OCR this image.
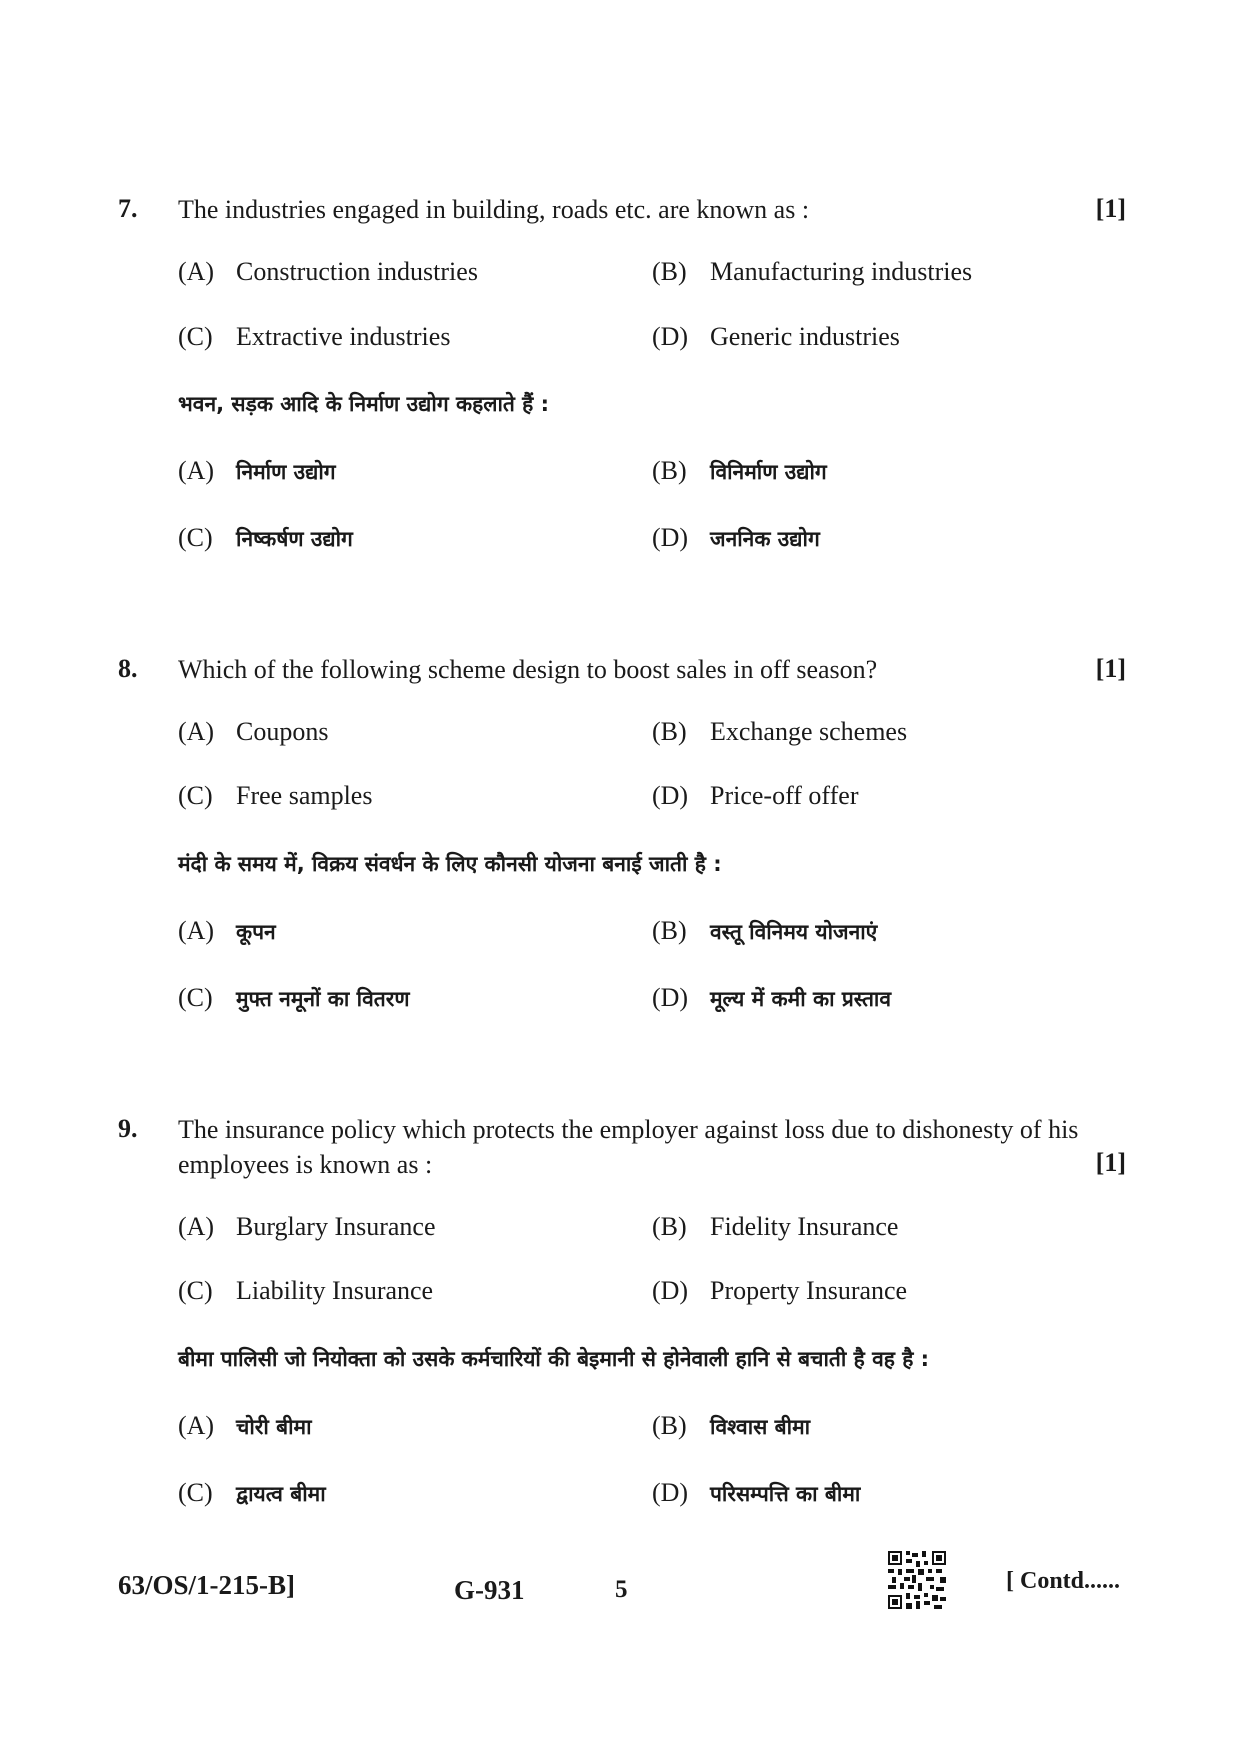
7. The industries engaged in building, roads etc. are known as :	[1]
(A) Construction industries	(B) Manufacturing industries
(C) Extractive industries	(D) Generic industries
भवन, सड़क आदि के निर्माण उद्योग कहलाते हैं :
(A) निर्माण उद्योग	(B) विनिर्माण उद्योग
(C) निष्कर्षण उद्योग	(D) जननिक उद्योग
8. Which of the following scheme design to boost sales in off season?	[1]
(A) Coupons	(B) Exchange schemes
(C) Free samples	(D) Price-off offer
मंदी के समय में, विक्रय संवर्धन के लिए कौनसी योजना बनाई जाती है :
(A) कूपन	(B) वस्तू विनिमय योजनाएं
(C) मुफ्त नमूनों का वितरण	(D) मूल्य में कमी का प्रस्ताव
9. The insurance policy which protects the employer against loss due to dishonesty of his employees is known as :	[1]
(A) Burglary Insurance	(B) Fidelity Insurance
(C) Liability Insurance	(D) Property Insurance
बीमा पालिसी जो नियोक्ता को उसके कर्मचारियों की बेइमानी से होनेवाली हानि से बचाती है वह है :
(A) चोरी बीमा	(B) विश्वास बीमा
(C) द्वायत्व बीमा	(D) परिसम्पत्ति का बीमा
63/OS/1-215-B]	G-931	5	[ Contd......
